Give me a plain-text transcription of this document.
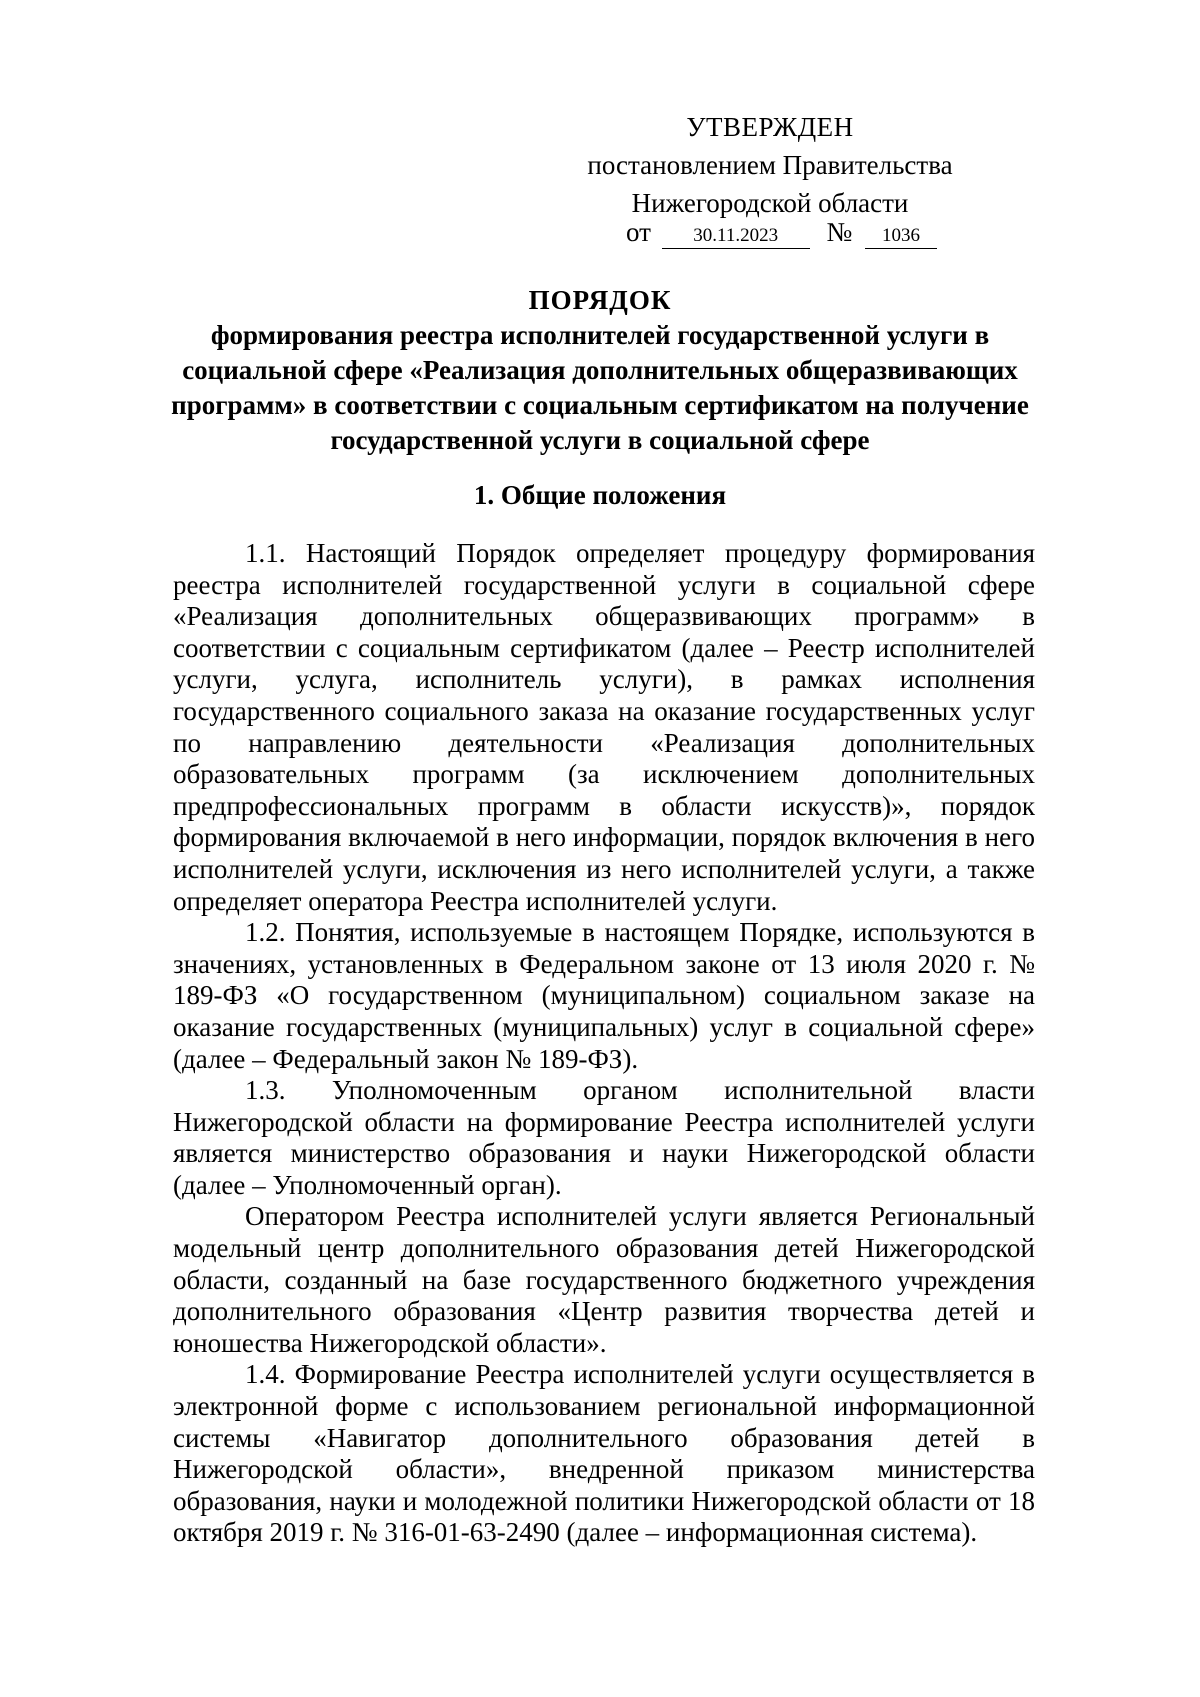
УТВЕРЖДЕН
постановлением Правительства
Нижегородской области
от 30.11.2023 № 1036
ПОРЯДОК
формирования реестра исполнителей государственной услуги в социальной сфере «Реализация дополнительных общеразвивающих программ» в соответствии с социальным сертификатом на получение государственной услуги в социальной сфере
1. Общие положения

1.1. Настоящий Порядок определяет процедуру формирования реестра исполнителей государственной услуги в социальной сфере «Реализация дополнительных общеразвивающих программ» в соответствии с социальным сертификатом (далее – Реестр исполнителей услуги, услуга, исполнитель услуги), в рамках исполнения государственного социального заказа на оказание государственных услуг по направлению деятельности «Реализация дополнительных образовательных программ (за исключением дополнительных предпрофессиональных программ в области искусств)», порядок формирования включаемой в него информации, порядок включения в него исполнителей услуги, исключения из него исполнителей услуги, а также определяет оператора Реестра исполнителей услуги.

1.2. Понятия, используемые в настоящем Порядке, используются в значениях, установленных в Федеральном законе от 13 июля 2020 г. № 189-ФЗ «О государственном (муниципальном) социальном заказе на оказание государственных (муниципальных) услуг в социальной сфере» (далее – Федеральный закон № 189-ФЗ).

1.3. Уполномоченным органом исполнительной власти Нижегородской области на формирование Реестра исполнителей услуги является министерство образования и науки Нижегородской области (далее – Уполномоченный орган).

Оператором Реестра исполнителей услуги является Региональный модельный центр дополнительного образования детей Нижегородской области, созданный на базе государственного бюджетного учреждения дополнительного образования «Центр развития творчества детей и юношества Нижегородской области».

1.4. Формирование Реестра исполнителей услуги осуществляется в электронной форме с использованием региональной информационной системы «Навигатор дополнительного образования детей в Нижегородской области», внедренной приказом министерства образования, науки и молодежной политики Нижегородской области от 18 октября 2019 г. № 316-01-63-2490 (далее – информационная система).
